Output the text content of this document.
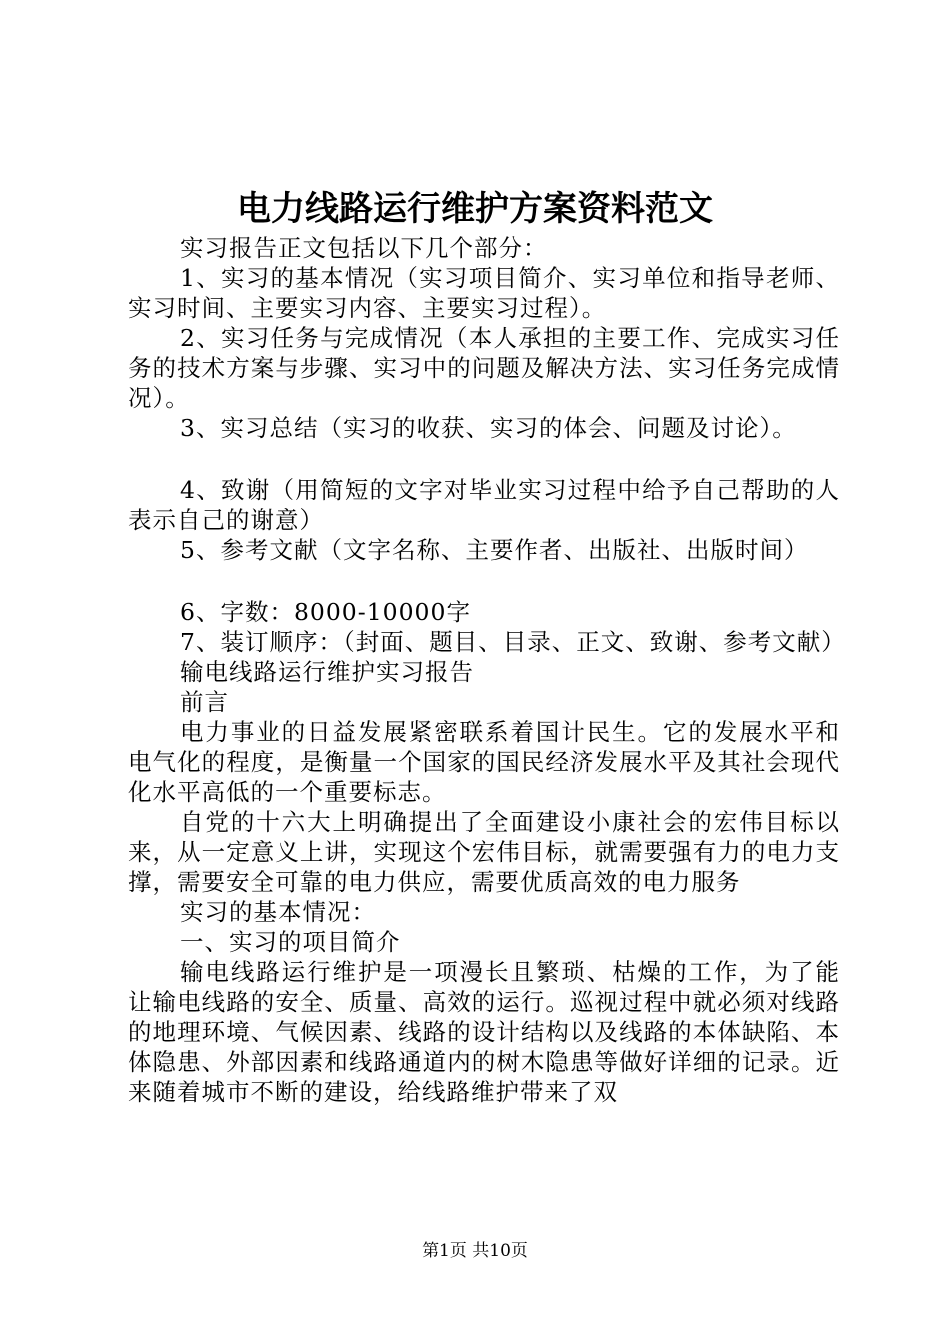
电力线路运行维护方案资料范文

实习报告正文包括以下几个部分：

1、实习的基本情况（实习项目简介、实习单位和指导老师、实习时间、主要实习内容、主要实习过程）。

2、实习任务与完成情况（本人承担的主要工作、完成实习任务的技术方案与步骤、实习中的问题及解决方法、实习任务完成情况）。

3、实习总结（实习的收获、实习的体会、问题及讨论）。

4、致谢（用简短的文字对毕业实习过程中给予自己帮助的人表示自己的谢意）

5、参考文献（文字名称、主要作者、出版社、出版时间）

6、字数：8000-10000字

7、装订顺序：（封面、题目、目录、正文、致谢、参考文献）

输电线路运行维护实习报告

前言

电力事业的日益发展紧密联系着国计民生。它的发展水平和电气化的程度，是衡量一个国家的国民经济发展水平及其社会现代化水平高低的一个重要标志。

自党的十六大上明确提出了全面建设小康社会的宏伟目标以来，从一定意义上讲，实现这个宏伟目标，就需要强有力的电力支撑，需要安全可靠的电力供应，需要优质高效的电力服务

实习的基本情况：

一、实习的项目简介

输电线路运行维护是一项漫长且繁琐、枯燥的工作，为了能让输电线路的安全、质量、高效的运行。巡视过程中就必须对线路的地理环境、气候因素、线路的设计结构以及线路的本体缺陷、本体隐患、外部因素和线路通道内的树木隐患等做好详细的记录。近来随着城市不断的建设，给线路维护带来了双

第1页 共10页
